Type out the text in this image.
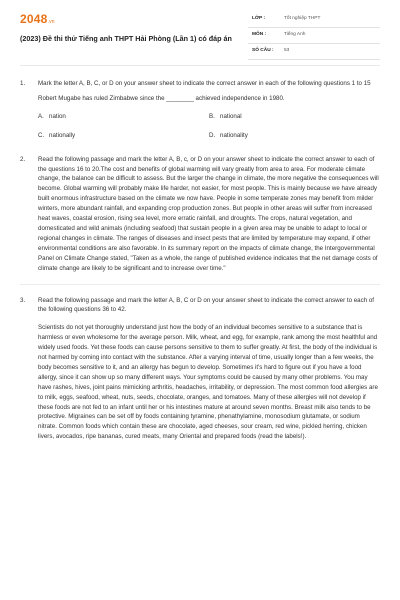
2048.vn
(2023) Đề thi thử Tiếng anh THPT Hải Phòng (Lần 1) có đáp án
LỚP :	Tốt nghiệp THPT
MÔN :	Tiếng Anh
SỐ CÂU : 53
1. Mark the letter A, B, C, or D on your answer sheet to indicate the correct answer in each of the following questions 1 to 15

Robert Mugabe has ruled Zimbabwe since the ________ achieved independence in 1980.

A. nation	B. national
C. nationally	D. nationality
2. Read the following passage and mark the letter A, B, c, or D on your answer sheet to indicate the correct answer to each of the questions 16 to 20.The cost and benefits of global warming will vary greatly from area to area. For moderate climate change, the balance can be difficult to assess. But the larger the change in climate, the more negative the consequences will become. Global warming will probably make life harder, not easier, for most people. This is mainly because we have already built enormous infrastructure based on the climate we now have. People in some temperate zones may benefit from milder winters, more abundant rainfall, and expanding crop production zones. But people in other areas will suffer from increased heat waves, coastal erosion, rising sea level, more erratic rainfall, and droughts. The crops, natural vegetation, and domesticated and wild animals (including seafood) that sustain people in a given area may be unable to adapt to local or regional changes in climate. The ranges of diseases and insect pests that are limited by temperature may expand, if other environmental conditions are also favorable. In its summary report on the impacts of climate change, the Intergovernmental Panel on Climate Change stated, "Taken as a whole, the range of published evidence indicates that the net damage costs of climate change are likely to be significant and to increase over time."

3. Read the following passage and mark the letter A, B, C or D on your answer sheet to indicate the correct answer to each of the following questions 36 to 42.

Scientists do not yet thoroughly understand just how the body of an individual becomes sensitive to a substance that is harmless or even wholesome for the average person. Milk, wheat, and egg, for example, rank among the most healthful and widely used foods. Yet these foods can cause persons sensitive to them to suffer greatly. At first, the body of the individual is not harmed by coming into contact with the substance. After a varying interval of time, usually longer than a few weeks, the body becomes sensitive to it, and an allergy has begun to develop. Sometimes it's hard to figure out if you have a food allergy, since it can show up so many different ways. Your symptoms could be caused by many other problems. You may have rashes, hives, joint pains mimicking arthritis, headaches, irritability, or depression. The most common food allergies are to milk, eggs, seafood, wheat, nuts, seeds, chocolate, oranges, and tomatoes. Many of these allergies will not develop if these foods are not fed to an infant until her or his intestines mature at around seven months. Breast milk also tends to be protective. Migraines can be set off by foods containing tyramine, phenathylamine, monosodium glutamate, or sodium nitrate. Common foods which contain these are chocolate, aged cheeses, sour cream, red wine, pickled herring, chicken livers, avocados, ripe bananas, cured meats, many Oriental and prepared foods (read the labels!).
